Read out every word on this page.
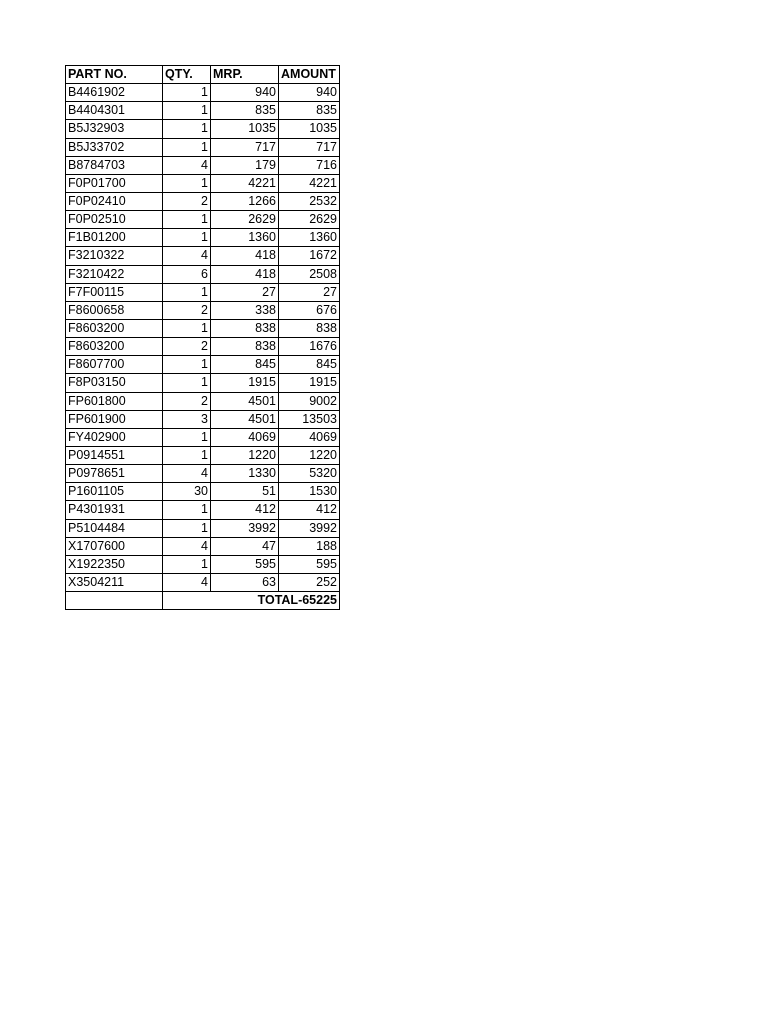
PART NO.	QTY.	MRP.	AMOUNT
B4461902	1	940	940
B4404301	1	835	835
B5J32903	1	1035	1035
B5J33702	1	717	717
B8784703	4	179	716
F0P01700	1	4221	4221
F0P02410	2	1266	2532
F0P02510	1	2629	2629
F1B01200	1	1360	1360
F3210322	4	418	1672
F3210422	6	418	2508
F7F00115	1	27	27
F8600658	2	338	676
F8603200	1	838	838
F8603200	2	838	1676
F8607700	1	845	845
F8P03150	1	1915	1915
FP601800	2	4501	9002
FP601900	3	4501	13503
FY402900	1	4069	4069
P0914551	1	1220	1220
P0978651	4	1330	5320
P1601105	30	51	1530
P4301931	1	412	412
P5104484	1	3992	3992
X1707600	4	47	188
X1922350	1	595	595
X3504211	4	63	252
	TOTAL-65225		
